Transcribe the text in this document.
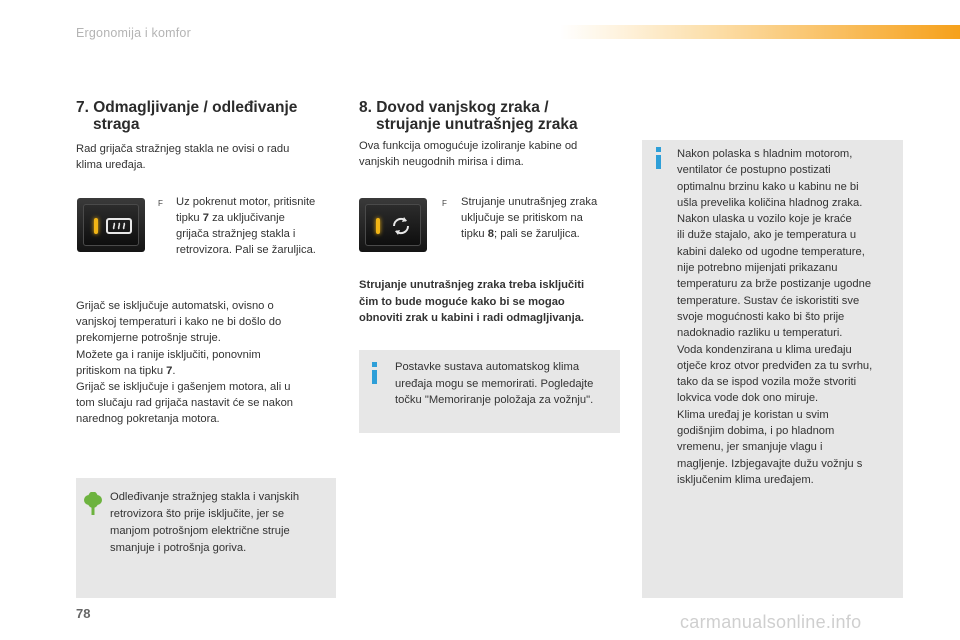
Ergonomija i komfor
7. Odmagljivanje / odleđivanje
straga

Rad grijača stražnjeg stakla ne ovisi o radu

klima uređaja.

F Uz pokrenut motor, pritisnite
tipku 7 za uključivanje
grijača stražnjeg stakla i
retrovizora. Pali se žaruljica.

Grijač se isključuje automatski, ovisno o

vanjskoj temperaturi i kako ne bi došlo do

prekomjerne potrošnje struje.

Možete ga i ranije isključiti, ponovnim

pritiskom na tipku 7.

Grijač se isključuje i gašenjem motora, ali u

tom slučaju rad grijača nastavit će se nakon

narednog pokretanja motora.

Odleđivanje stražnjeg stakla i vanjskih

retrovizora što prije isključite, jer se

manjom potrošnjom električne struje

smanjuje i potrošnja goriva.

8. Dovod vanjskog zraka /
strujanje unutrašnjeg zraka

Ova funkcija omogućuje izoliranje kabine od

vanjskih neugodnih mirisa i dima.

F Strujanje unutrašnjeg zraka
uključuje se pritiskom na
tipku 8; pali se žaruljica.
Strujanje unutrašnjeg zraka treba isključiti
čim to bude moguće kako bi se mogao
obnoviti zrak u kabini i radi odmagljivanja.

Postavke sustava automatskog klima

uređaja mogu se memorirati. Pogledajte

točku "Memoriranje položaja za vožnju".

Nakon polaska s hladnim motorom,

ventilator će postupno postizati

optimalnu brzinu kako u kabinu ne bi

ušla prevelika količina hladnog zraka.

Nakon ulaska u vozilo koje je kraće

ili duže stajalo, ako je temperatura u

kabini daleko od ugodne temperature,

nije potrebno mijenjati prikazanu

temperaturu za brže postizanje ugodne

temperature. Sustav će iskoristiti sve

svoje mogućnosti kako bi što prije

nadoknadio razliku u temperaturi.

Voda kondenzirana u klima uređaju

otječe kroz otvor predviđen za tu svrhu,

tako da se ispod vozila može stvoriti

lokvica vode dok ono miruje.

Klima uređaj je koristan u svim

godišnjim dobima, i po hladnom

vremenu, jer smanjuje vlagu i

magljenje. Izbjegavajte dužu vožnju s

isključenim klima uređajem.

78	carmanualsonline.info
